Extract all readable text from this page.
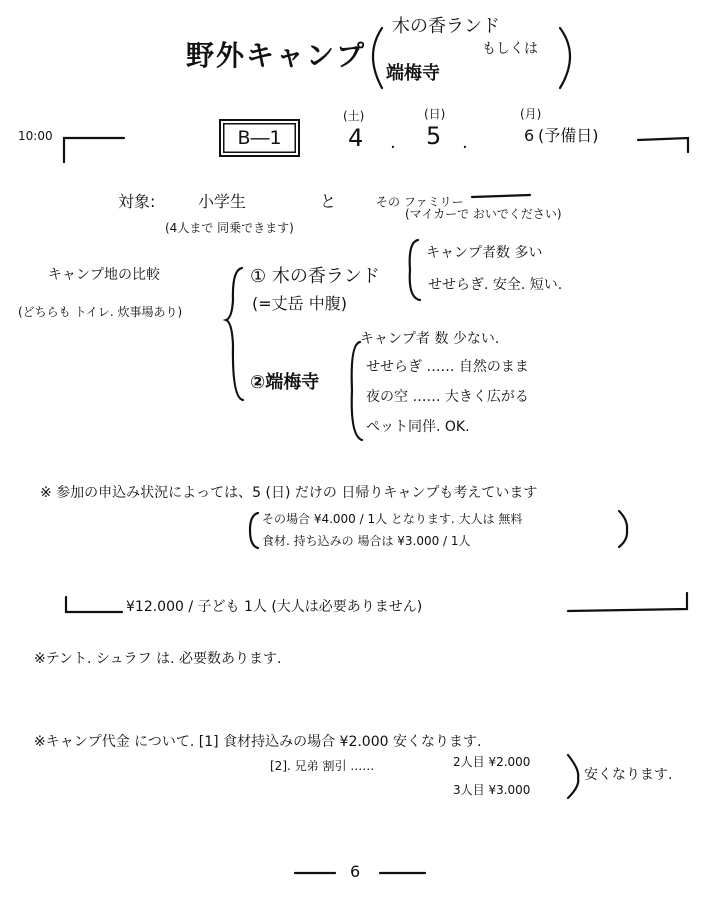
野外キャンプ
木の香ランド
もしくは
端梅寺
10:00	B―1
(土)
4 .
(日)
5 .
(月)
6 (予備日)
対象:	小学生	と	その ファミリー
(マイカーで おいでください)
(4人まで 同乗できます)
キャンプ地の比較
(どちらも トイレ. 炊事場あり)
① 木の香ランド
(=丈岳 中腹)
キャンプ者数 多い
せせらぎ. 安全. 短い.
②端梅寺
キャンプ者 数 少ない.
せせらぎ …… 自然のまま
夜の空 …… 大きく広がる
ペット同伴. OK.
※ 参加の申込み状況によっては、5 (日) だけの 日帰りキャンプも考えています
その場合 ¥4.000 / 1人 となります. 大人は 無料
食材. 持ち込みの 場合は ¥3.000 / 1人
¥12.000 / 子ども 1人 (大人は必要ありません)
※テント. シュラフ は. 必要数あります.
※キャンプ代金 について. [1] 食材持込みの場合 ¥2.000 安くなります.
[2]. 兄弟 割引 ……	2人目 ¥2.000
3人目 ¥3.000
安くなります.
6
